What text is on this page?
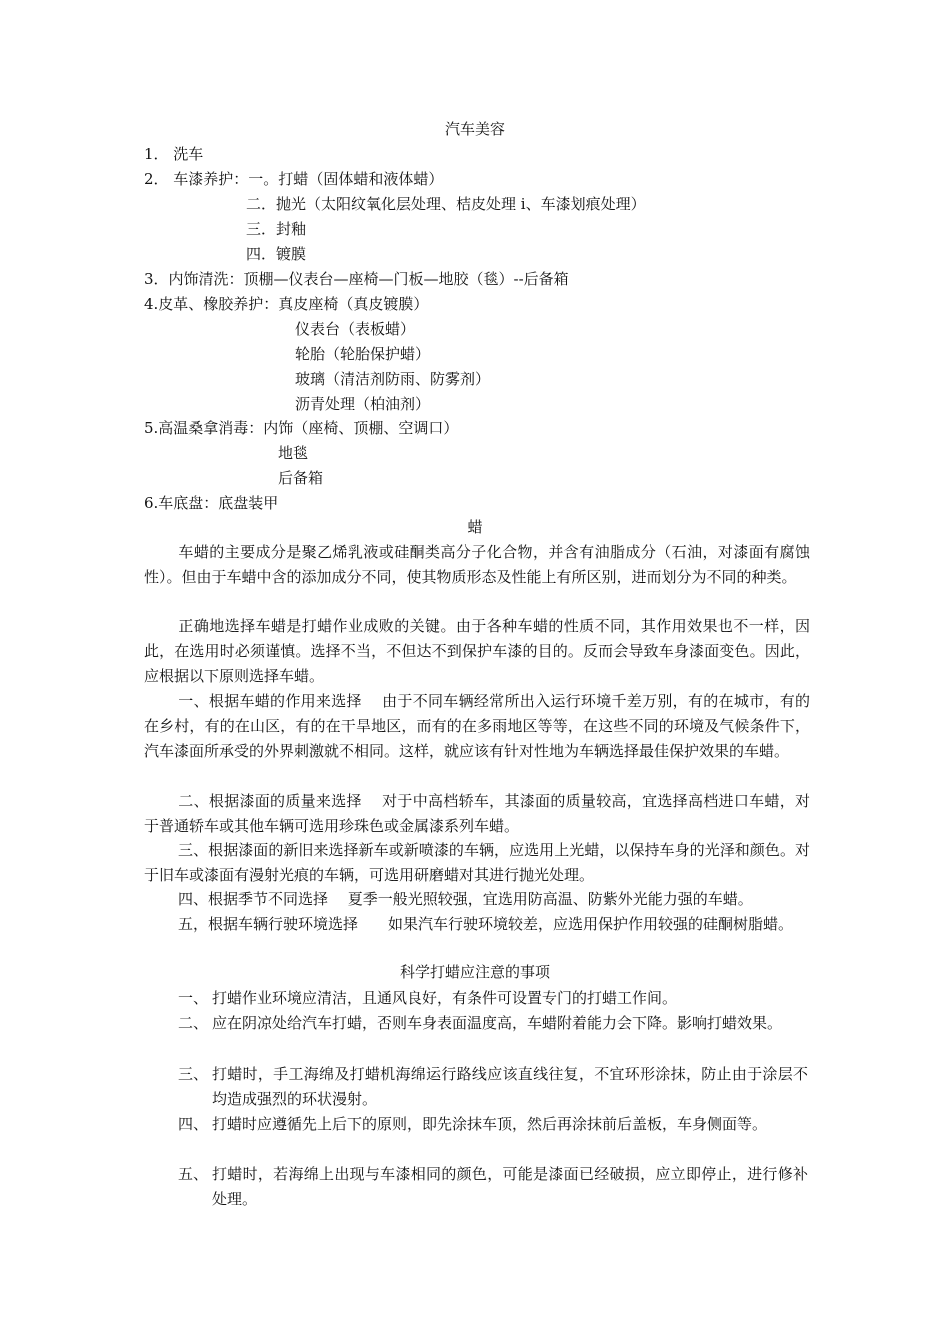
汽车美容
1． 洗车
2． 车漆养护：一。打蜡（固体蜡和液体蜡）
二．抛光（太阳纹氧化层处理、桔皮处理 i、车漆划痕处理）
三．封釉
四．镀膜
3．内饰清洗：顶棚—仪表台—座椅—门板—地胶（毯）--后备箱
4.皮革、橡胶养护：真皮座椅（真皮镀膜）
仪表台（表板蜡）
轮胎（轮胎保护蜡）
玻璃（清洁剂防雨、防雾剂）
沥青处理（柏油剂）
5.高温桑拿消毒：内饰（座椅、顶棚、空调口）
地毯
后备箱
6.车底盘：底盘装甲
蜡
车蜡的主要成分是聚乙烯乳液或硅酮类高分子化合物，并含有油脂成分（石油，对漆面有腐蚀性）。但由于车蜡中含的添加成分不同，使其物质形态及性能上有所区别，进而划分为不同的种类。
正确地选择车蜡是打蜡作业成败的关键。由于各种车蜡的性质不同，其作用效果也不一样，因此，在选用时必须谨慎。选择不当，不但达不到保护车漆的目的。反而会导致车身漆面变色。因此，应根据以下原则选择车蜡。
一、根据车蜡的作用来选择　 由于不同车辆经常所出入运行环境千差万别，有的在城市，有的在乡村，有的在山区，有的在干旱地区，而有的在多雨地区等等，在这些不同的环境及气候条件下，汽车漆面所承受的外界刺激就不相同。这样，就应该有针对性地为车辆选择最佳保护效果的车蜡。
二、根据漆面的质量来选择　 对于中高档轿车，其漆面的质量较高，宜选择高档进口车蜡，对于普通轿车或其他车辆可选用珍珠色或金属漆系列车蜡。
三、根据漆面的新旧来选择新车或新喷漆的车辆，应选用上光蜡，以保持车身的光泽和颜色。对于旧车或漆面有漫射光痕的车辆，可选用研磨蜡对其进行抛光处理。
四、根据季节不同选择　 夏季一般光照较强，宜选用防高温、防紫外光能力强的车蜡。
五，根据车辆行驶环境选择　　如果汽车行驶环境较差，应选用保护作用较强的硅酮树脂蜡。
科学打蜡应注意的事项
一、 打蜡作业环境应清洁，且通风良好，有条件可设置专门的打蜡工作间。
二、 应在阴凉处给汽车打蜡，否则车身表面温度高，车蜡附着能力会下降。影响打蜡效果。
三、 打蜡时，手工海绵及打蜡机海绵运行路线应该直线往复，不宜环形涂抹，防止由于涂层不均造成强烈的环状漫射。
四、 打蜡时应遵循先上后下的原则，即先涂抹车顶，然后再涂抹前后盖板，车身侧面等。
五、 打蜡时，若海绵上出现与车漆相同的颜色，可能是漆面已经破损，应立即停止，进行修补处理。
